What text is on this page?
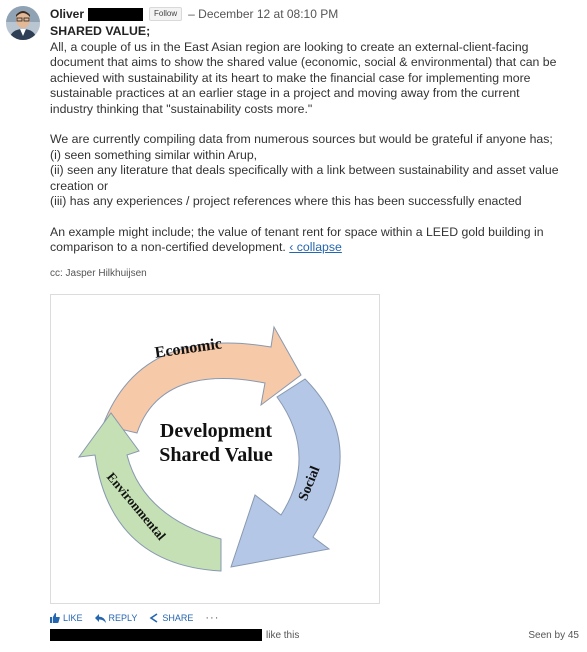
Oliver	Follow – December 12 at 08:10 PM
SHARED VALUE;

All, a couple of us in the East Asian region are looking to create an external-client-facing document that aims to show the shared value (economic, social & environmental) that can be achieved with sustainability at its heart to make the financial case for implementing more sustainable practices at an earlier stage in a project and moving away from the current industry thinking that "sustainability costs more."

We are currently compiling data from numerous sources but would be grateful if anyone has;
(i) seen something similar within Arup,
(ii) seen any literature that deals specifically with a link between sustainability and asset value creation or
(iii) has any experiences / project references where this has been successfully enacted

An example might include; the value of tenant rent for space within a LEED gold building in comparison to a non-certified development. ‹ collapse

cc: Jasper Hilkhuijsen
Economic
Social
Environmental
Development
Shared Value
LIKE	REPLY	SHARE ···
like this	Seen by 45
